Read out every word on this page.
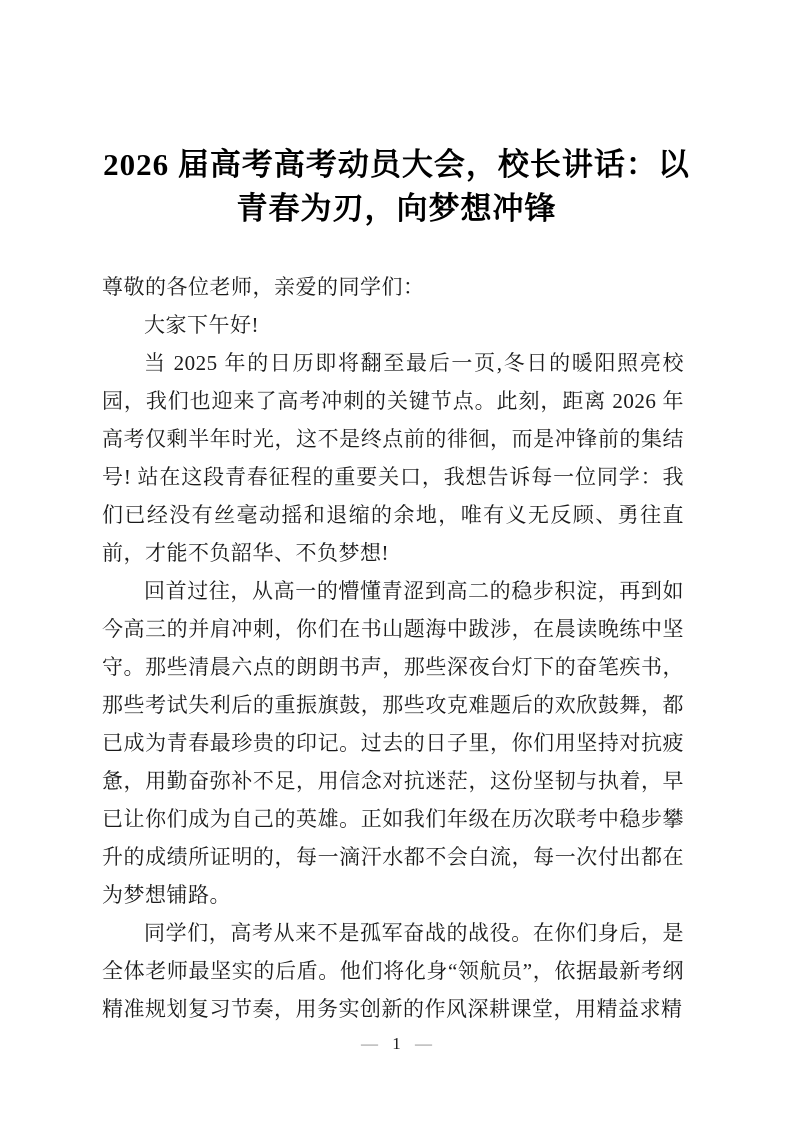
2026 届高考高考动员大会，校长讲话：以
青春为刃，向梦想冲锋

尊敬的各位老师，亲爱的同学们：

大家下午好!

当 2025 年的日历即将翻至最后一页,冬日的暖阳照亮校园，我们也迎来了高考冲刺的关键节点。此刻，距离 2026 年高考仅剩半年时光，这不是终点前的徘徊，而是冲锋前的集结号! 站在这段青春征程的重要关口，我想告诉每一位同学：我们已经没有丝毫动摇和退缩的余地，唯有义无反顾、勇往直前，才能不负韶华、不负梦想!

回首过往，从高一的懵懂青涩到高二的稳步积淀，再到如今高三的并肩冲刺，你们在书山题海中跋涉，在晨读晚练中坚守。那些清晨六点的朗朗书声，那些深夜台灯下的奋笔疾书，那些考试失利后的重振旗鼓，那些攻克难题后的欢欣鼓舞，都已成为青春最珍贵的印记。过去的日子里，你们用坚持对抗疲惫，用勤奋弥补不足，用信念对抗迷茫，这份坚韧与执着，早已让你们成为自己的英雄。正如我们年级在历次联考中稳步攀升的成绩所证明的，每一滴汗水都不会白流，每一次付出都在为梦想铺路。

同学们，高考从来不是孤军奋战的战役。在你们身后，是全体老师最坚实的后盾。他们将化身“领航员”，依据最新考纲精准规划复习节奏，用务实创新的作风深耕课堂，用精益求精

— 1 —
